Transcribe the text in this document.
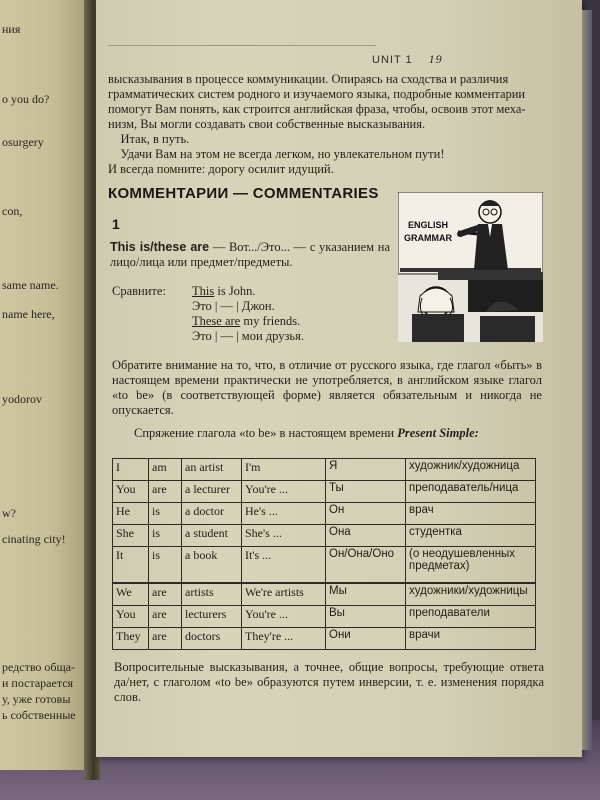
ния
o you do?
osurgery
con,
same name.
name here,
yodorov
w?
cinating city!
редство обща-
и постарается
у, уже готовы
ь собственные
UNIT 1 19
высказывания в процессе коммуникации. Опираясь на сходства и различия
грамматических систем родного и изучаемого языка, подробные комментарии
помогут Вам понять, как строится английская фраза, чтобы, освоив этот меха-
низм, Вы могли создавать свои собственные высказывания.
Итак, в путь.
Удачи Вам на этом не всегда легком, но увлекательном пути!
И всегда помните: дорогу осилит идущий.
КОММЕНТАРИИ — COMMENTARIES
1
This is/these are — Вот.../Это... — с указанием на лицо/лица или предмет/предметы.
Сравните: This is John.
Это | — | Джон.
These are my friends.
Это | — | мои друзья.
ENGLISH
GRAMMAR
Обратите внимание на то, что, в отличие от русского языка, где глагол «быть» в настоящем времени практически не употребляется, в английском языке глагол «to be» (в соответствующей форме) является обязательным и никогда не опускается.
Спряжение глагола «to be» в настоящем времени Present Simple:
I	am	an artist	I'm	Я	художник/художница
You	are	a lecturer	You're ...	Ты	преподаватель/ница
He	is	a doctor	He's ...	Он	врач
She	is	a student	She's ...	Она	студентка
It	is	a book	It's ...	Он/Она/Оно	(о неодушевленных предметах)
We	are	artists	We're artists	Мы	художники/художницы
You	are	lecturers	You're ...	Вы	преподаватели
They	are	doctors	They're ...	Они	врачи
Вопросительные высказывания, а точнее, общие вопросы, требующие ответа да/нет, с глаголом «to be» образуются путем инверсии, т. е. изменения порядка слов.
